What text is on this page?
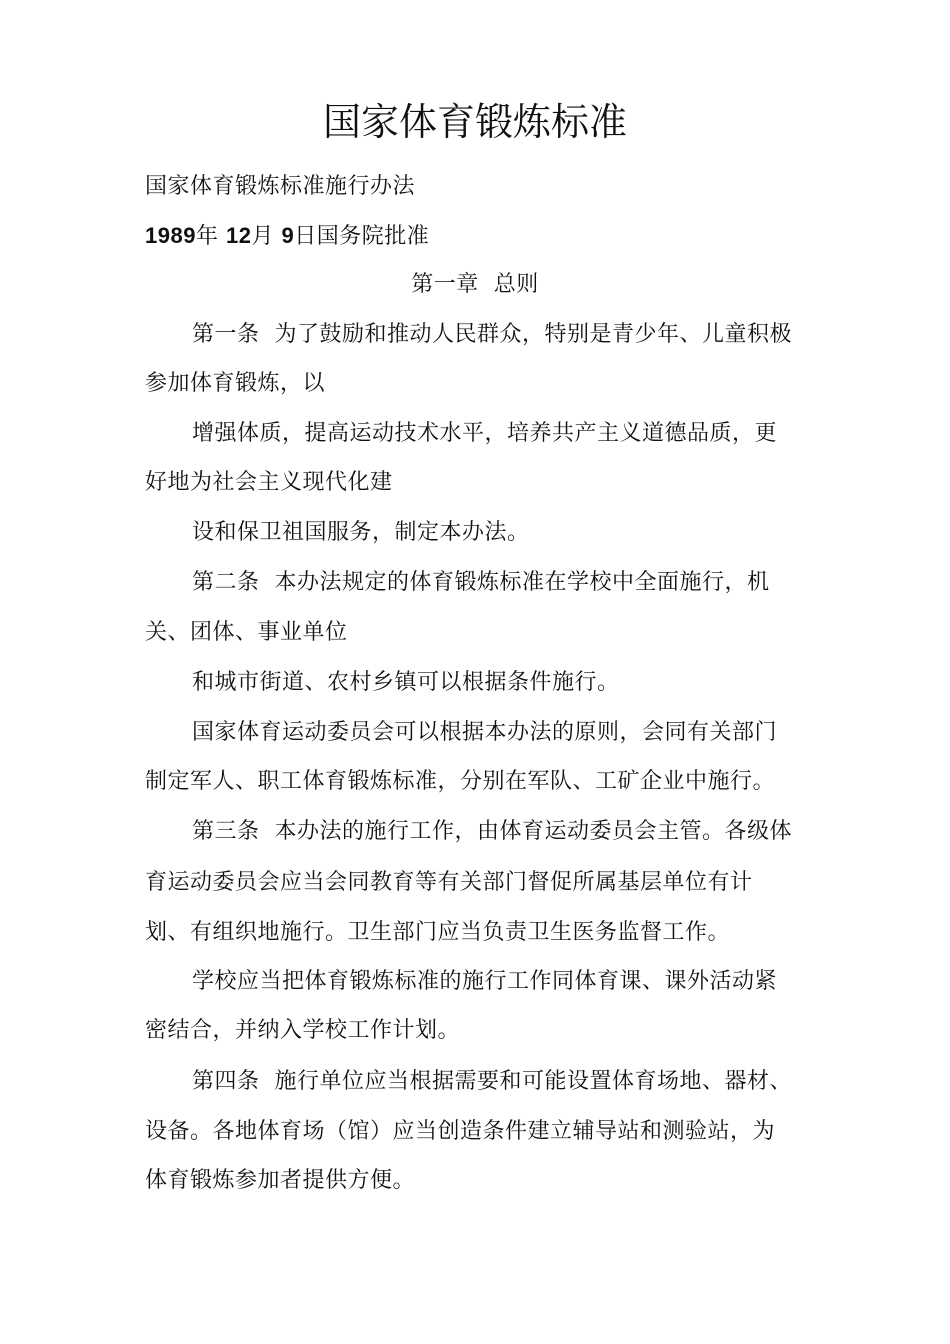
国家体育锻炼标准
国家体育锻炼标准施行办法
1989年 12月 9日国务院批准
第一章  总则
第一条  为了鼓励和推动人民群众，特别是青少年、儿童积极
参加体育锻炼，以
增强体质，提高运动技术水平，培养共产主义道德品质，更
好地为社会主义现代化建
设和保卫祖国服务，制定本办法。
第二条  本办法规定的体育锻炼标准在学校中全面施行，机
关、团体、事业单位
和城市街道、农村乡镇可以根据条件施行。
国家体育运动委员会可以根据本办法的原则，会同有关部门
制定军人、职工体育锻炼标准，分别在军队、工矿企业中施行。
第三条  本办法的施行工作，由体育运动委员会主管。各级体
育运动委员会应当会同教育等有关部门督促所属基层单位有计
划、有组织地施行。卫生部门应当负责卫生医务监督工作。
学校应当把体育锻炼标准的施行工作同体育课、课外活动紧
密结合，并纳入学校工作计划。
第四条  施行单位应当根据需要和可能设置体育场地、器材、
设备。各地体育场（馆）应当创造条件建立辅导站和测验站，为
体育锻炼参加者提供方便。
